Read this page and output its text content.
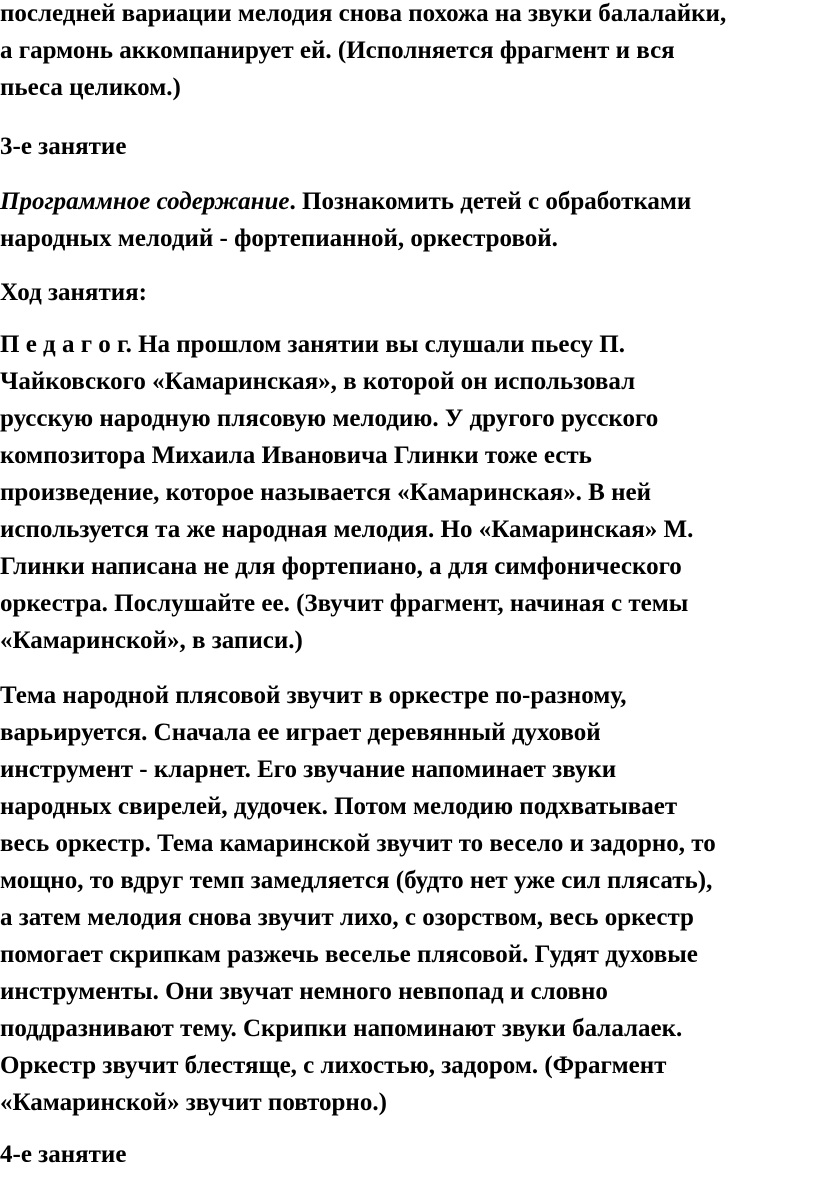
последней вариации мелодия снова похожа на звуки балалайки,
а гармонь аккомпанирует ей. (Исполняется фрагмент и вся
пьеса целиком.)
3-е занятие
Программное содержание. Познакомить детей с обработками
народных мелодий - фортепианной, оркестровой.
Ход занятия:
П е д а г о г. На прошлом занятии вы слушали пьесу П.
Чайковского «Камаринская», в которой он использовал
русскую народную плясовую мелодию. У другого русского
композитора Михаила Ивановича Глинки тоже есть
произведение, которое называется «Камаринская». В ней
используется та же народная мелодия. Но «Камаринская» М.
Глинки написана не для фортепиано, а для симфонического
оркестра. Послушайте ее. (Звучит фрагмент, начиная с темы
«Камаринской», в записи.)
Тема народной плясовой звучит в оркестре по-разному,
варьируется. Сначала ее играет деревянный духовой
инструмент - кларнет. Его звучание напоминает звуки
народных свирелей, дудочек. Потом мелодию подхватывает
весь оркестр. Тема камаринской звучит то весело и задорно, то
мощно, то вдруг темп замедляется (будто нет уже сил плясать),
а затем мелодия снова звучит лихо, с озорством, весь оркестр
помогает скрипкам разжечь веселье плясовой. Гудят духовые
инструменты. Они звучат немного невпопад и словно
поддразнивают тему. Скрипки напоминают звуки балалаек.
Оркестр звучит блестяще, с лихостью, задором. (Фрагмент
«Камаринской» звучит повторно.)
4-е занятие
